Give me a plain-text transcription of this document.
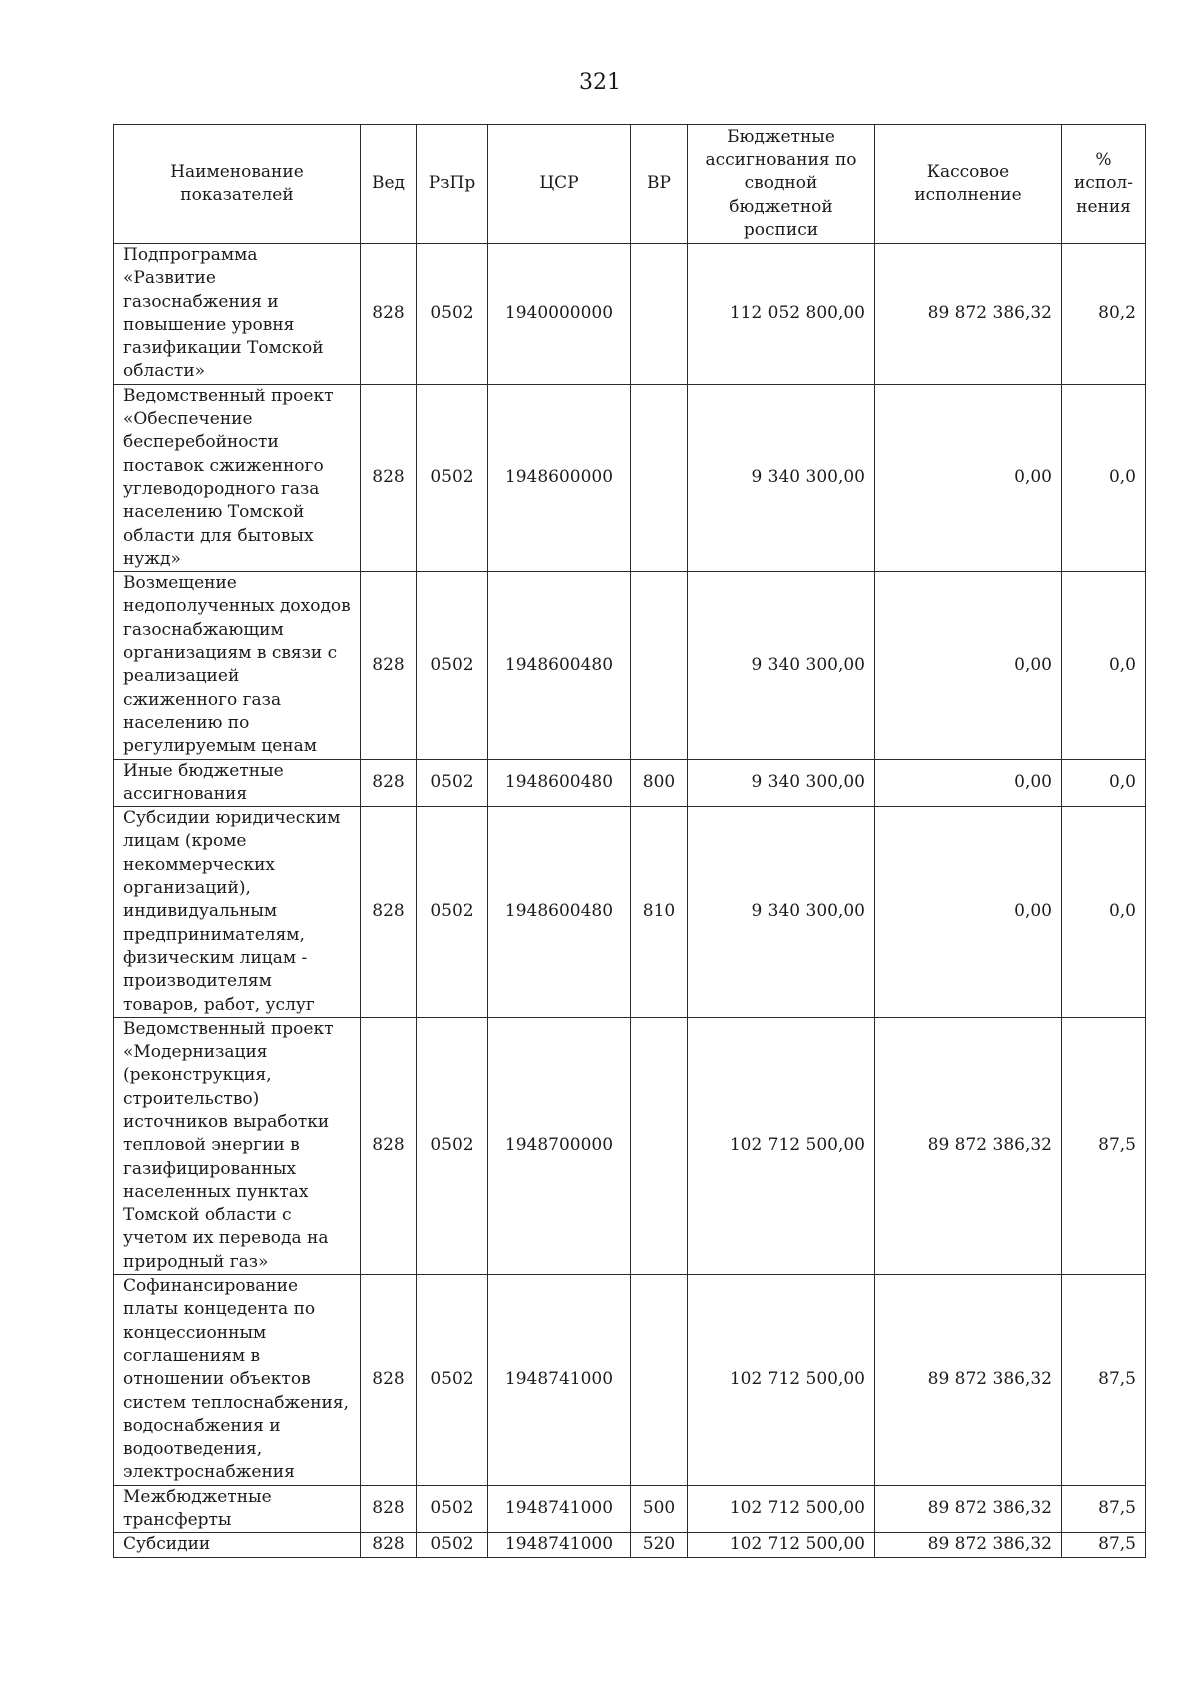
321
Наименование показателей	Вед	РзПр	ЦСР	ВР	Бюджетные ассигнования по сводной бюджетной росписи	Кассовое исполнение	% испол-нения
Подпрограмма «Развитие газоснабжения и повышение уровня газификации Томской области»	828	0502	1940000000		112 052 800,00	89 872 386,32	80,2
Ведомственный проект «Обеспечение бесперебойности поставок сжиженного углеводородного газа населению Томской области для бытовых нужд»	828	0502	1948600000		9 340 300,00	0,00	0,0
Возмещение недополученных доходов газоснабжающим организациям в связи с реализацией сжиженного газа населению по регулируемым ценам	828	0502	1948600480		9 340 300,00	0,00	0,0
Иные бюджетные ассигнования	828	0502	1948600480	800	9 340 300,00	0,00	0,0
Субсидии юридическим лицам (кроме некоммерческих организаций), индивидуальным предпринимателям, физическим лицам - производителям товаров, работ, услуг	828	0502	1948600480	810	9 340 300,00	0,00	0,0
Ведомственный проект «Модернизация (реконструкция, строительство) источников выработки тепловой энергии в газифицированных населенных пунктах Томской области с учетом их перевода на природный газ»	828	0502	1948700000		102 712 500,00	89 872 386,32	87,5
Софинансирование платы концедента по концессионным соглашениям в отношении объектов систем теплоснабжения, водоснабжения и водоотведения, электроснабжения	828	0502	1948741000		102 712 500,00	89 872 386,32	87,5
Межбюджетные трансферты	828	0502	1948741000	500	102 712 500,00	89 872 386,32	87,5
Субсидии	828	0502	1948741000	520	102 712 500,00	89 872 386,32	87,5
